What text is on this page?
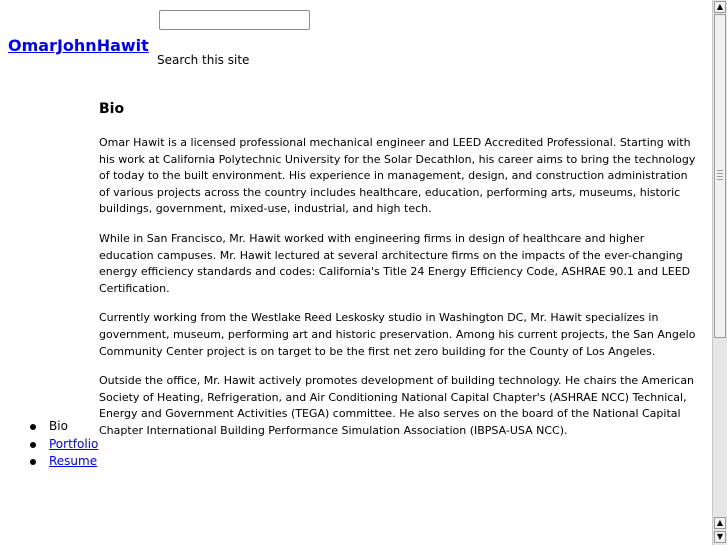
OmarJohnHawit
Search this site
Bio

Omar Hawit is a licensed professional mechanical engineer and LEED Accredited Professional. Starting with his work at California Polytechnic University for the Solar Decathlon, his career aims to bring the technology of today to the built environment. His experience in management, design, and construction administration of various projects across the country includes healthcare, education, performing arts, museums, historic buildings, government, mixed-use, industrial, and high tech.

While in San Francisco, Mr. Hawit worked with engineering firms in design of healthcare and higher education campuses. Mr. Hawit lectured at several architecture firms on the impacts of the ever-changing energy efficiency standards and codes: California's Title 24 Energy Efficiency Code, ASHRAE 90.1 and LEED Certification.

Currently working from the Westlake Reed Leskosky studio in Washington DC, Mr. Hawit specializes in government, museum, performing art and historic preservation. Among his current projects, the San Angelo Community Center project is on target to be the first net zero building for the County of Los Angeles.

Outside the office, Mr. Hawit actively promotes development of building technology. He chairs the American Society of Heating, Refrigeration, and Air Conditioning National Capital Chapter's (ASHRAE NCC) Technical, Energy and Government Activities (TEGA) committee. He also serves on the board of the National Capital Chapter International Building Performance Simulation Association (IBPSA-USA NCC).

Bio
Portfolio
Resume
▲
▲
▼
